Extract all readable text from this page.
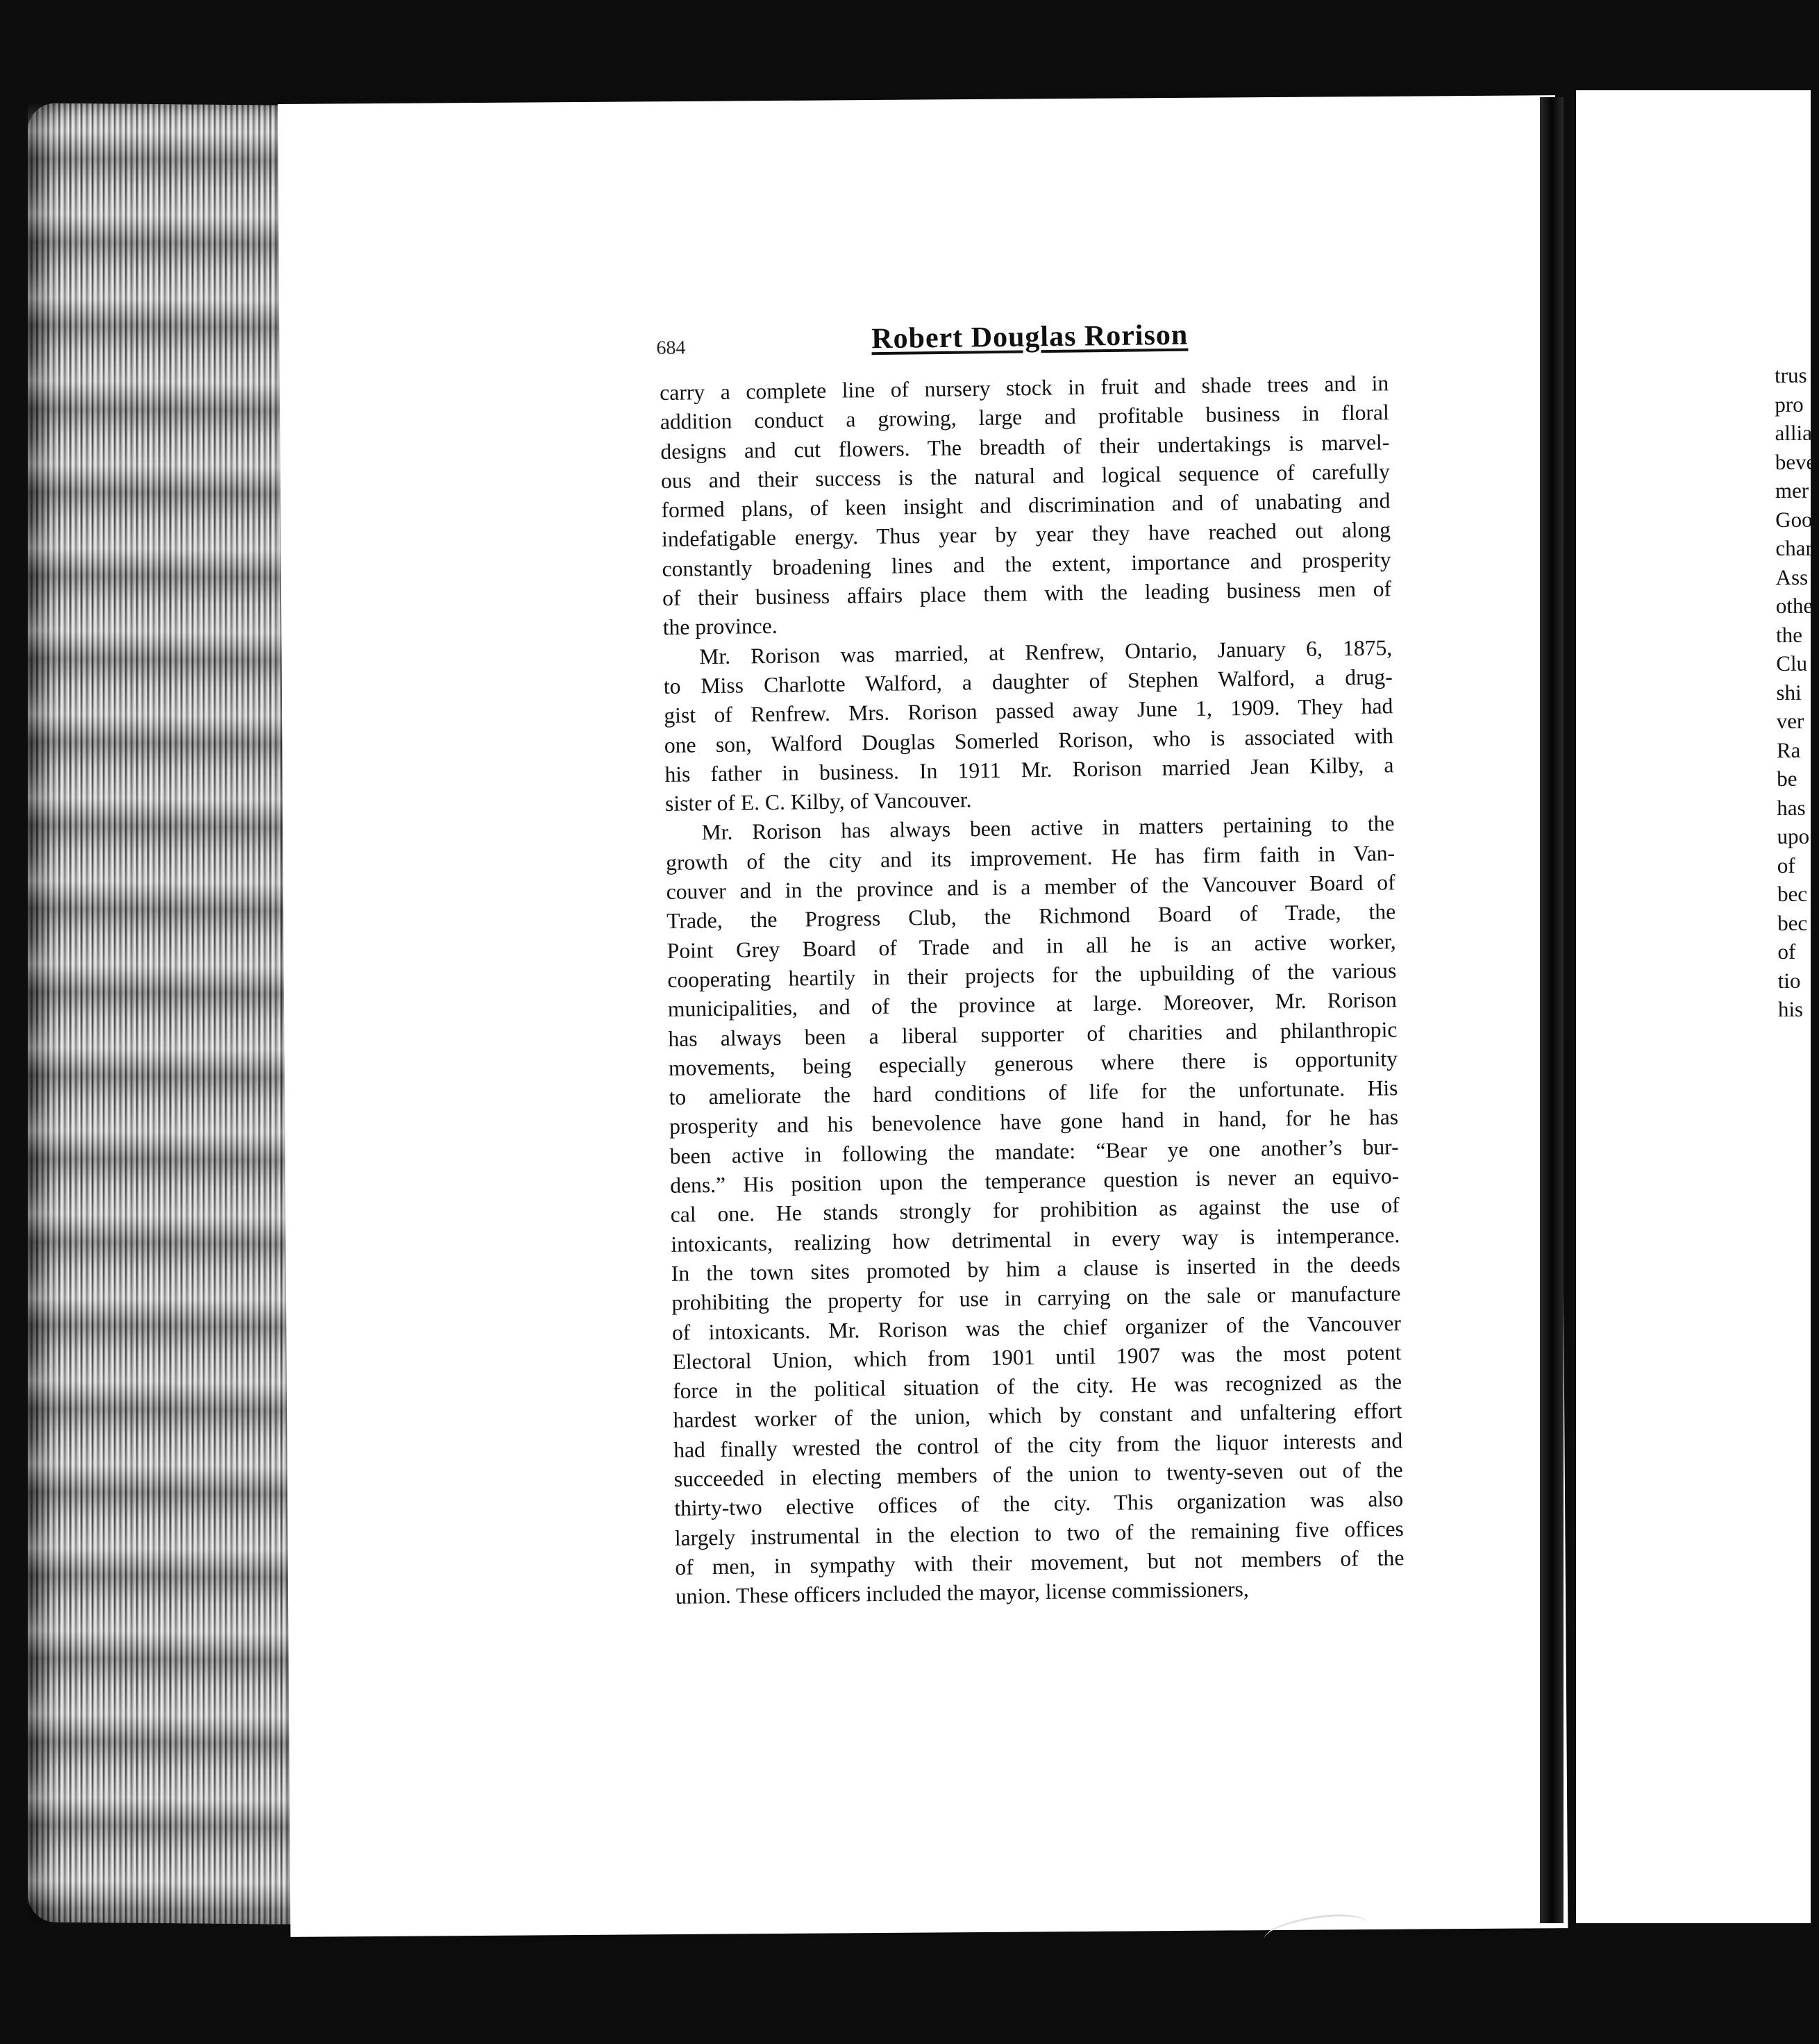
684	Robert Douglas Rorison
carry a complete line of nursery stock in fruit and shade trees and in
addition conduct a growing, large and profitable business in floral
designs and cut flowers. The breadth of their undertakings is marvel-
ous and their success is the natural and logical sequence of carefully
formed plans, of keen insight and discrimination and of unabating and
indefatigable energy. Thus year by year they have reached out along
constantly broadening lines and the extent, importance and prosperity
of their business affairs place them with the leading business men of
the province.
Mr. Rorison was married, at Renfrew, Ontario, January 6, 1875,
to Miss Charlotte Walford, a daughter of Stephen Walford, a drug-
gist of Renfrew. Mrs. Rorison passed away June 1, 1909. They had
one son, Walford Douglas Somerled Rorison, who is associated with
his father in business. In 1911 Mr. Rorison married Jean Kilby, a
sister of E. C. Kilby, of Vancouver.
Mr. Rorison has always been active in matters pertaining to the
growth of the city and its improvement. He has firm faith in Van-
couver and in the province and is a member of the Vancouver Board of
Trade, the Progress Club, the Richmond Board of Trade, the
Point Grey Board of Trade and in all he is an active worker,
cooperating heartily in their projects for the upbuilding of the various
municipalities, and of the province at large. Moreover, Mr. Rorison
has always been a liberal supporter of charities and philanthropic
movements, being especially generous where there is opportunity
to ameliorate the hard conditions of life for the unfortunate. His
prosperity and his benevolence have gone hand in hand, for he has
been active in following the mandate: “Bear ye one another’s bur-
dens.” His position upon the temperance question is never an equivo-
cal one. He stands strongly for prohibition as against the use of
intoxicants, realizing how detrimental in every way is intemperance.
In the town sites promoted by him a clause is inserted in the deeds
prohibiting the property for use in carrying on the sale or manufacture
of intoxicants. Mr. Rorison was the chief organizer of the Vancouver
Electoral Union, which from 1901 until 1907 was the most potent
force in the political situation of the city. He was recognized as the
hardest worker of the union, which by constant and unfaltering effort
had finally wrested the control of the city from the liquor interests and
succeeded in electing members of the union to twenty-seven out of the
thirty-two elective offices of the city. This organization was also
largely instrumental in the election to two of the remaining five offices
of men, in sympathy with their movement, but not members of the
union. These officers included the mayor, license commissioners,
trus
pro
allia
beve
mer
Goo
char
Ass
othe
the
Clu
shi
ver
Ra
be
has
upo
of
bec
bec
of
tio
his
